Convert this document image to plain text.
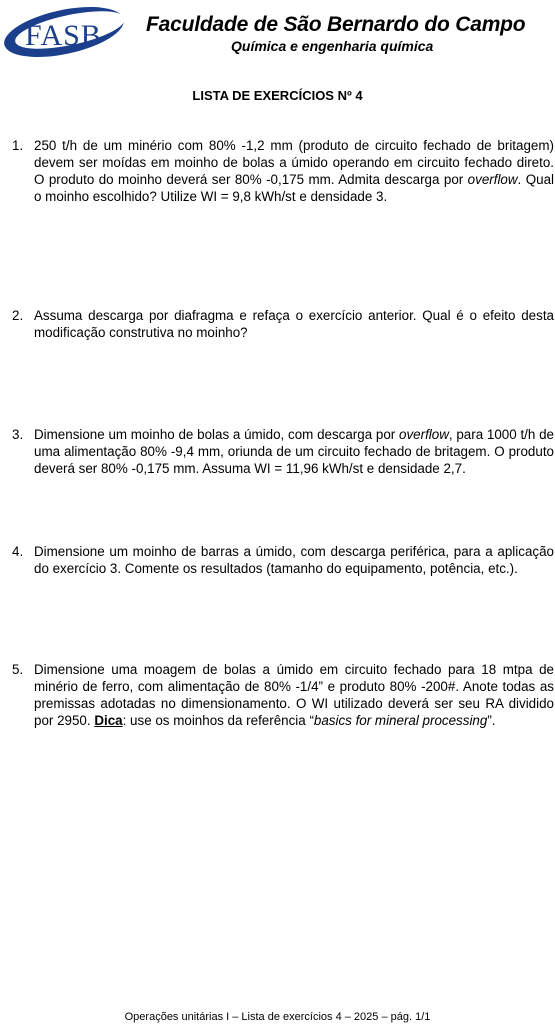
FASB Faculdade de São Bernardo do Campo
Química e engenharia química
LISTA DE EXERCÍCIOS Nº 4
1. 250 t/h de um minério com 80% -1,2 mm (produto de circuito fechado de britagem) devem ser moídas em moinho de bolas a úmido operando em circuito fechado direto. O produto do moinho deverá ser 80% -0,175 mm. Admita descarga por overflow. Qual o moinho escolhido? Utilize WI = 9,8 kWh/st e densidade 3.
2. Assuma descarga por diafragma e refaça o exercício anterior. Qual é o efeito desta modificação construtiva no moinho?
3. Dimensione um moinho de bolas a úmido, com descarga por overflow, para 1000 t/h de uma alimentação 80% -9,4 mm, oriunda de um circuito fechado de britagem. O produto deverá ser 80% -0,175 mm. Assuma WI = 11,96 kWh/st e densidade 2,7.
4. Dimensione um moinho de barras a úmido, com descarga periférica, para a aplicação do exercício 3. Comente os resultados (tamanho do equipamento, potência, etc.).
5. Dimensione uma moagem de bolas a úmido em circuito fechado para 18 mtpa de minério de ferro, com alimentação de 80% -1/4” e produto 80% -200#. Anote todas as premissas adotadas no dimensionamento. O WI utilizado deverá ser seu RA dividido por 2950. Dica: use os moinhos da referência “basics for mineral processing”.
Operações unitárias I – Lista de exercícios 4 – 2025 – pág. 1/1
